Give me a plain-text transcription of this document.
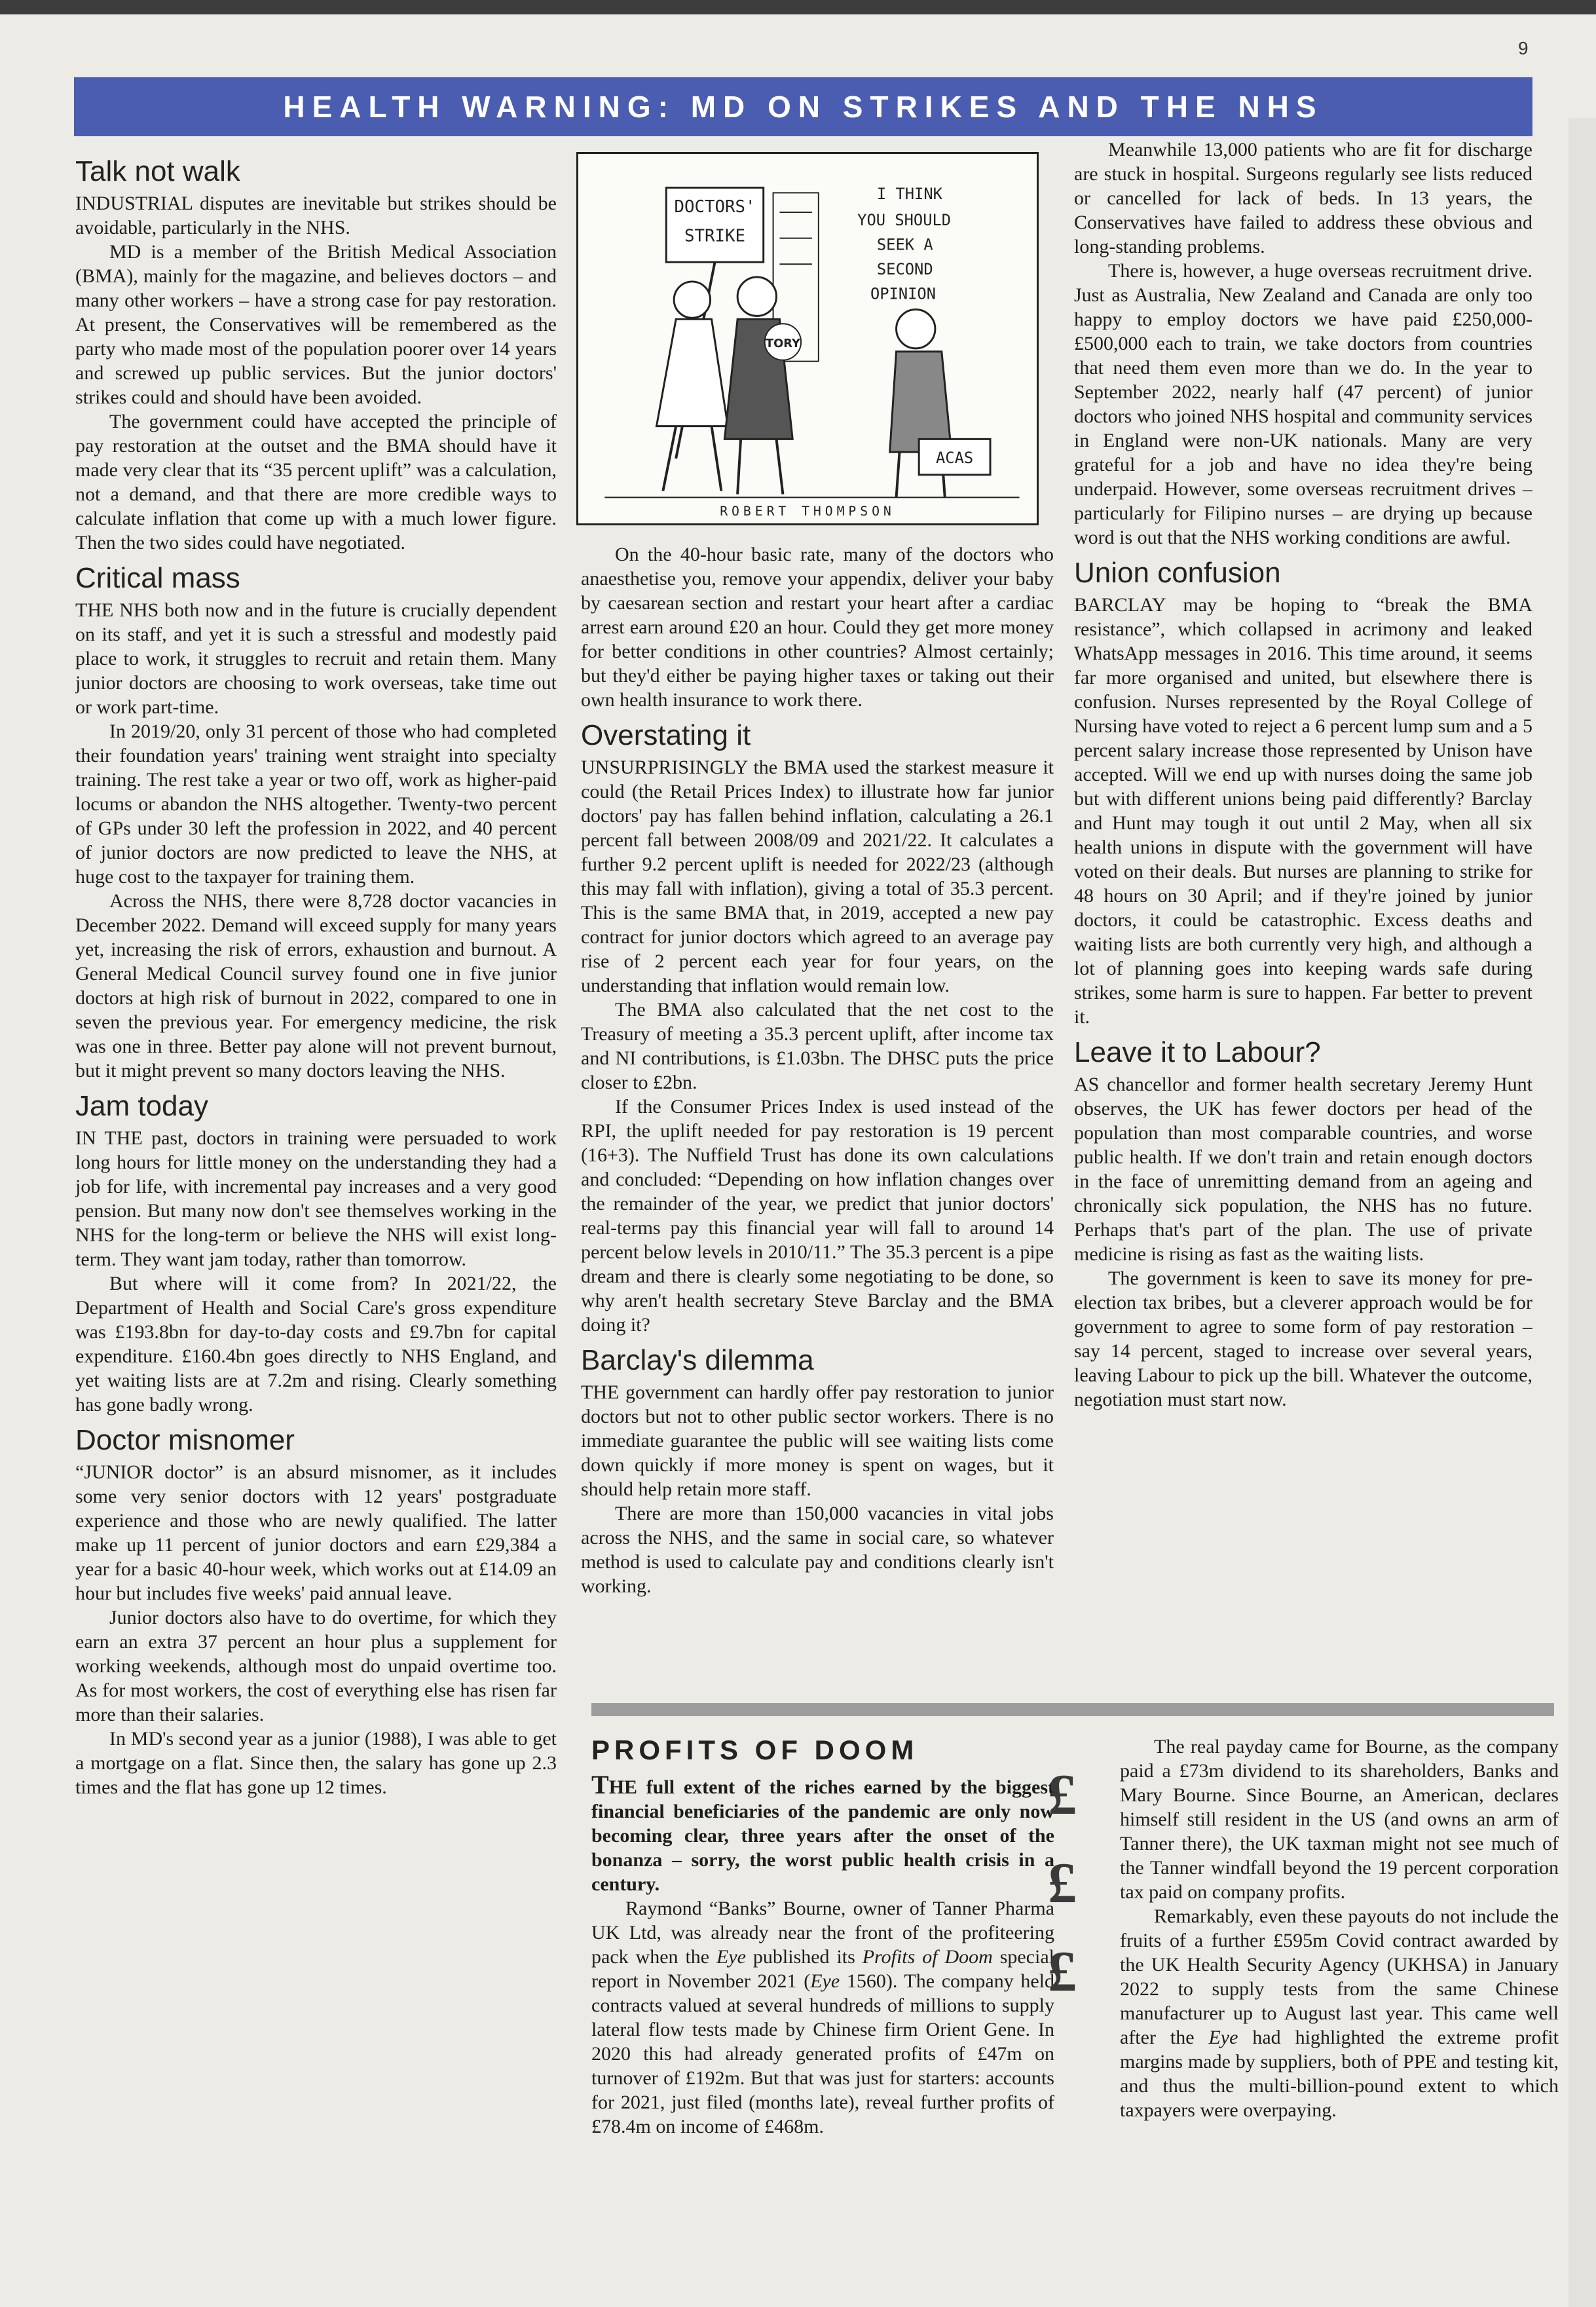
9
HEALTH WARNING: MD ON STRIKES AND THE NHS
Talk not walk

INDUSTRIAL disputes are inevitable but strikes should be avoidable, particularly in the NHS.

MD is a member of the British Medical Association (BMA), mainly for the magazine, and believes doctors – and many other workers – have a strong case for pay restoration. At present, the Conservatives will be remembered as the party who made most of the population poorer over 14 years and screwed up public services. But the junior doctors' strikes could and should have been avoided.

The government could have accepted the principle of pay restoration at the outset and the BMA should have it made very clear that its “35 percent uplift” was a calculation, not a demand, and that there are more credible ways to calculate inflation that come up with a much lower figure. Then the two sides could have negotiated.

Critical mass

THE NHS both now and in the future is crucially dependent on its staff, and yet it is such a stressful and modestly paid place to work, it struggles to recruit and retain them. Many junior doctors are choosing to work overseas, take time out or work part-time.

In 2019/20, only 31 percent of those who had completed their foundation years' training went straight into specialty training. The rest take a year or two off, work as higher-paid locums or abandon the NHS altogether. Twenty-two percent of GPs under 30 left the profession in 2022, and 40 percent of junior doctors are now predicted to leave the NHS, at huge cost to the taxpayer for training them.

Across the NHS, there were 8,728 doctor vacancies in December 2022. Demand will exceed supply for many years yet, increasing the risk of errors, exhaustion and burnout. A General Medical Council survey found one in five junior doctors at high risk of burnout in 2022, compared to one in seven the previous year. For emergency medicine, the risk was one in three. Better pay alone will not prevent burnout, but it might prevent so many doctors leaving the NHS.

Jam today

IN THE past, doctors in training were persuaded to work long hours for little money on the understanding they had a job for life, with incremental pay increases and a very good pension. But many now don't see themselves working in the NHS for the long-term or believe the NHS will exist long-term. They want jam today, rather than tomorrow.

But where will it come from? In 2021/22, the Department of Health and Social Care's gross expenditure was £193.8bn for day-to-day costs and £9.7bn for capital expenditure. £160.4bn goes directly to NHS England, and yet waiting lists are at 7.2m and rising. Clearly something has gone badly wrong.

Doctor misnomer

“JUNIOR doctor” is an absurd misnomer, as it includes some very senior doctors with 12 years' postgraduate experience and those who are newly qualified. The latter make up 11 percent of junior doctors and earn £29,384 a year for a basic 40-hour week, which works out at £14.09 an hour but includes five weeks' paid annual leave.

Junior doctors also have to do overtime, for which they earn an extra 37 percent an hour plus a supplement for working weekends, although most do unpaid overtime too. As for most workers, the cost of everything else has risen far more than their salaries.

In MD's second year as a junior (1988), I was able to get a mortgage on a flat. Since then, the salary has gone up 2.3 times and the flat has gone up 12 times.

DOCTORS'
STRIKE
I THINK
YOU SHOULD
SEEK A
SECOND
OPINION
TORY
ACAS
ROBERT THOMPSON

On the 40-hour basic rate, many of the doctors who anaesthetise you, remove your appendix, deliver your baby by caesarean section and restart your heart after a cardiac arrest earn around £20 an hour. Could they get more money for better conditions in other countries? Almost certainly; but they'd either be paying higher taxes or taking out their own health insurance to work there.

Overstating it

UNSURPRISINGLY the BMA used the starkest measure it could (the Retail Prices Index) to illustrate how far junior doctors' pay has fallen behind inflation, calculating a 26.1 percent fall between 2008/09 and 2021/22. It calculates a further 9.2 percent uplift is needed for 2022/23 (although this may fall with inflation), giving a total of 35.3 percent. This is the same BMA that, in 2019, accepted a new pay contract for junior doctors which agreed to an average pay rise of 2 percent each year for four years, on the understanding that inflation would remain low.

The BMA also calculated that the net cost to the Treasury of meeting a 35.3 percent uplift, after income tax and NI contributions, is £1.03bn. The DHSC puts the price closer to £2bn.

If the Consumer Prices Index is used instead of the RPI, the uplift needed for pay restoration is 19 percent (16+3). The Nuffield Trust has done its own calculations and concluded: “Depending on how inflation changes over the remainder of the year, we predict that junior doctors' real-terms pay this financial year will fall to around 14 percent below levels in 2010/11.” The 35.3 percent is a pipe dream and there is clearly some negotiating to be done, so why aren't health secretary Steve Barclay and the BMA doing it?

Barclay's dilemma

THE government can hardly offer pay restoration to junior doctors but not to other public sector workers. There is no immediate guarantee the public will see waiting lists come down quickly if more money is spent on wages, but it should help retain more staff.

There are more than 150,000 vacancies in vital jobs across the NHS, and the same in social care, so whatever method is used to calculate pay and conditions clearly isn't working.

Meanwhile 13,000 patients who are fit for discharge are stuck in hospital. Surgeons regularly see lists reduced or cancelled for lack of beds. In 13 years, the Conservatives have failed to address these obvious and long-standing problems.

There is, however, a huge overseas recruitment drive. Just as Australia, New Zealand and Canada are only too happy to employ doctors we have paid £250,000-£500,000 each to train, we take doctors from countries that need them even more than we do. In the year to September 2022, nearly half (47 percent) of junior doctors who joined NHS hospital and community services in England were non-UK nationals. Many are very grateful for a job and have no idea they're being underpaid. However, some overseas recruitment drives – particularly for Filipino nurses – are drying up because word is out that the NHS working conditions are awful.

Union confusion

BARCLAY may be hoping to “break the BMA resistance”, which collapsed in acrimony and leaked WhatsApp messages in 2016. This time around, it seems far more organised and united, but elsewhere there is confusion. Nurses represented by the Royal College of Nursing have voted to reject a 6 percent lump sum and a 5 percent salary increase those represented by Unison have accepted. Will we end up with nurses doing the same job but with different unions being paid differently? Barclay and Hunt may tough it out until 2 May, when all six health unions in dispute with the government will have voted on their deals. But nurses are planning to strike for 48 hours on 30 April; and if they're joined by junior doctors, it could be catastrophic. Excess deaths and waiting lists are both currently very high, and although a lot of planning goes into keeping wards safe during strikes, some harm is sure to happen. Far better to prevent it.

Leave it to Labour?

AS chancellor and former health secretary Jeremy Hunt observes, the UK has fewer doctors per head of the population than most comparable countries, and worse public health. If we don't train and retain enough doctors in the face of unremitting demand from an ageing and chronically sick population, the NHS has no future. Perhaps that's part of the plan. The use of private medicine is rising as fast as the waiting lists.

The government is keen to save its money for pre-election tax bribes, but a cleverer approach would be for government to agree to some form of pay restoration – say 14 percent, staged to increase over several years, leaving Labour to pick up the bill. Whatever the outcome, negotiation must start now.

PROFITS OF DOOM

THE full extent of the riches earned by the biggest financial beneficiaries of the pandemic are only now becoming clear, three years after the onset of the bonanza – sorry, the worst public health crisis in a century.

Raymond “Banks” Bourne, owner of Tanner Pharma UK Ltd, was already near the front of the profiteering pack when the Eye published its Profits of Doom special report in November 2021 (Eye 1560). The company held contracts valued at several hundreds of millions to supply lateral flow tests made by Chinese firm Orient Gene. In 2020 this had already generated profits of £47m on turnover of £192m. But that was just for starters: accounts for 2021, just filed (months late), reveal further profits of £78.4m on income of £468m.

£
£
£

The real payday came for Bourne, as the company paid a £73m dividend to its shareholders, Banks and Mary Bourne. Since Bourne, an American, declares himself still resident in the US (and owns an arm of Tanner there), the UK taxman might not see much of the Tanner windfall beyond the 19 percent corporation tax paid on company profits.

Remarkably, even these payouts do not include the fruits of a further £595m Covid contract awarded by the UK Health Security Agency (UKHSA) in January 2022 to supply tests from the same Chinese manufacturer up to August last year. This came well after the Eye had highlighted the extreme profit margins made by suppliers, both of PPE and testing kit, and thus the multi-billion-pound extent to which taxpayers were overpaying.
